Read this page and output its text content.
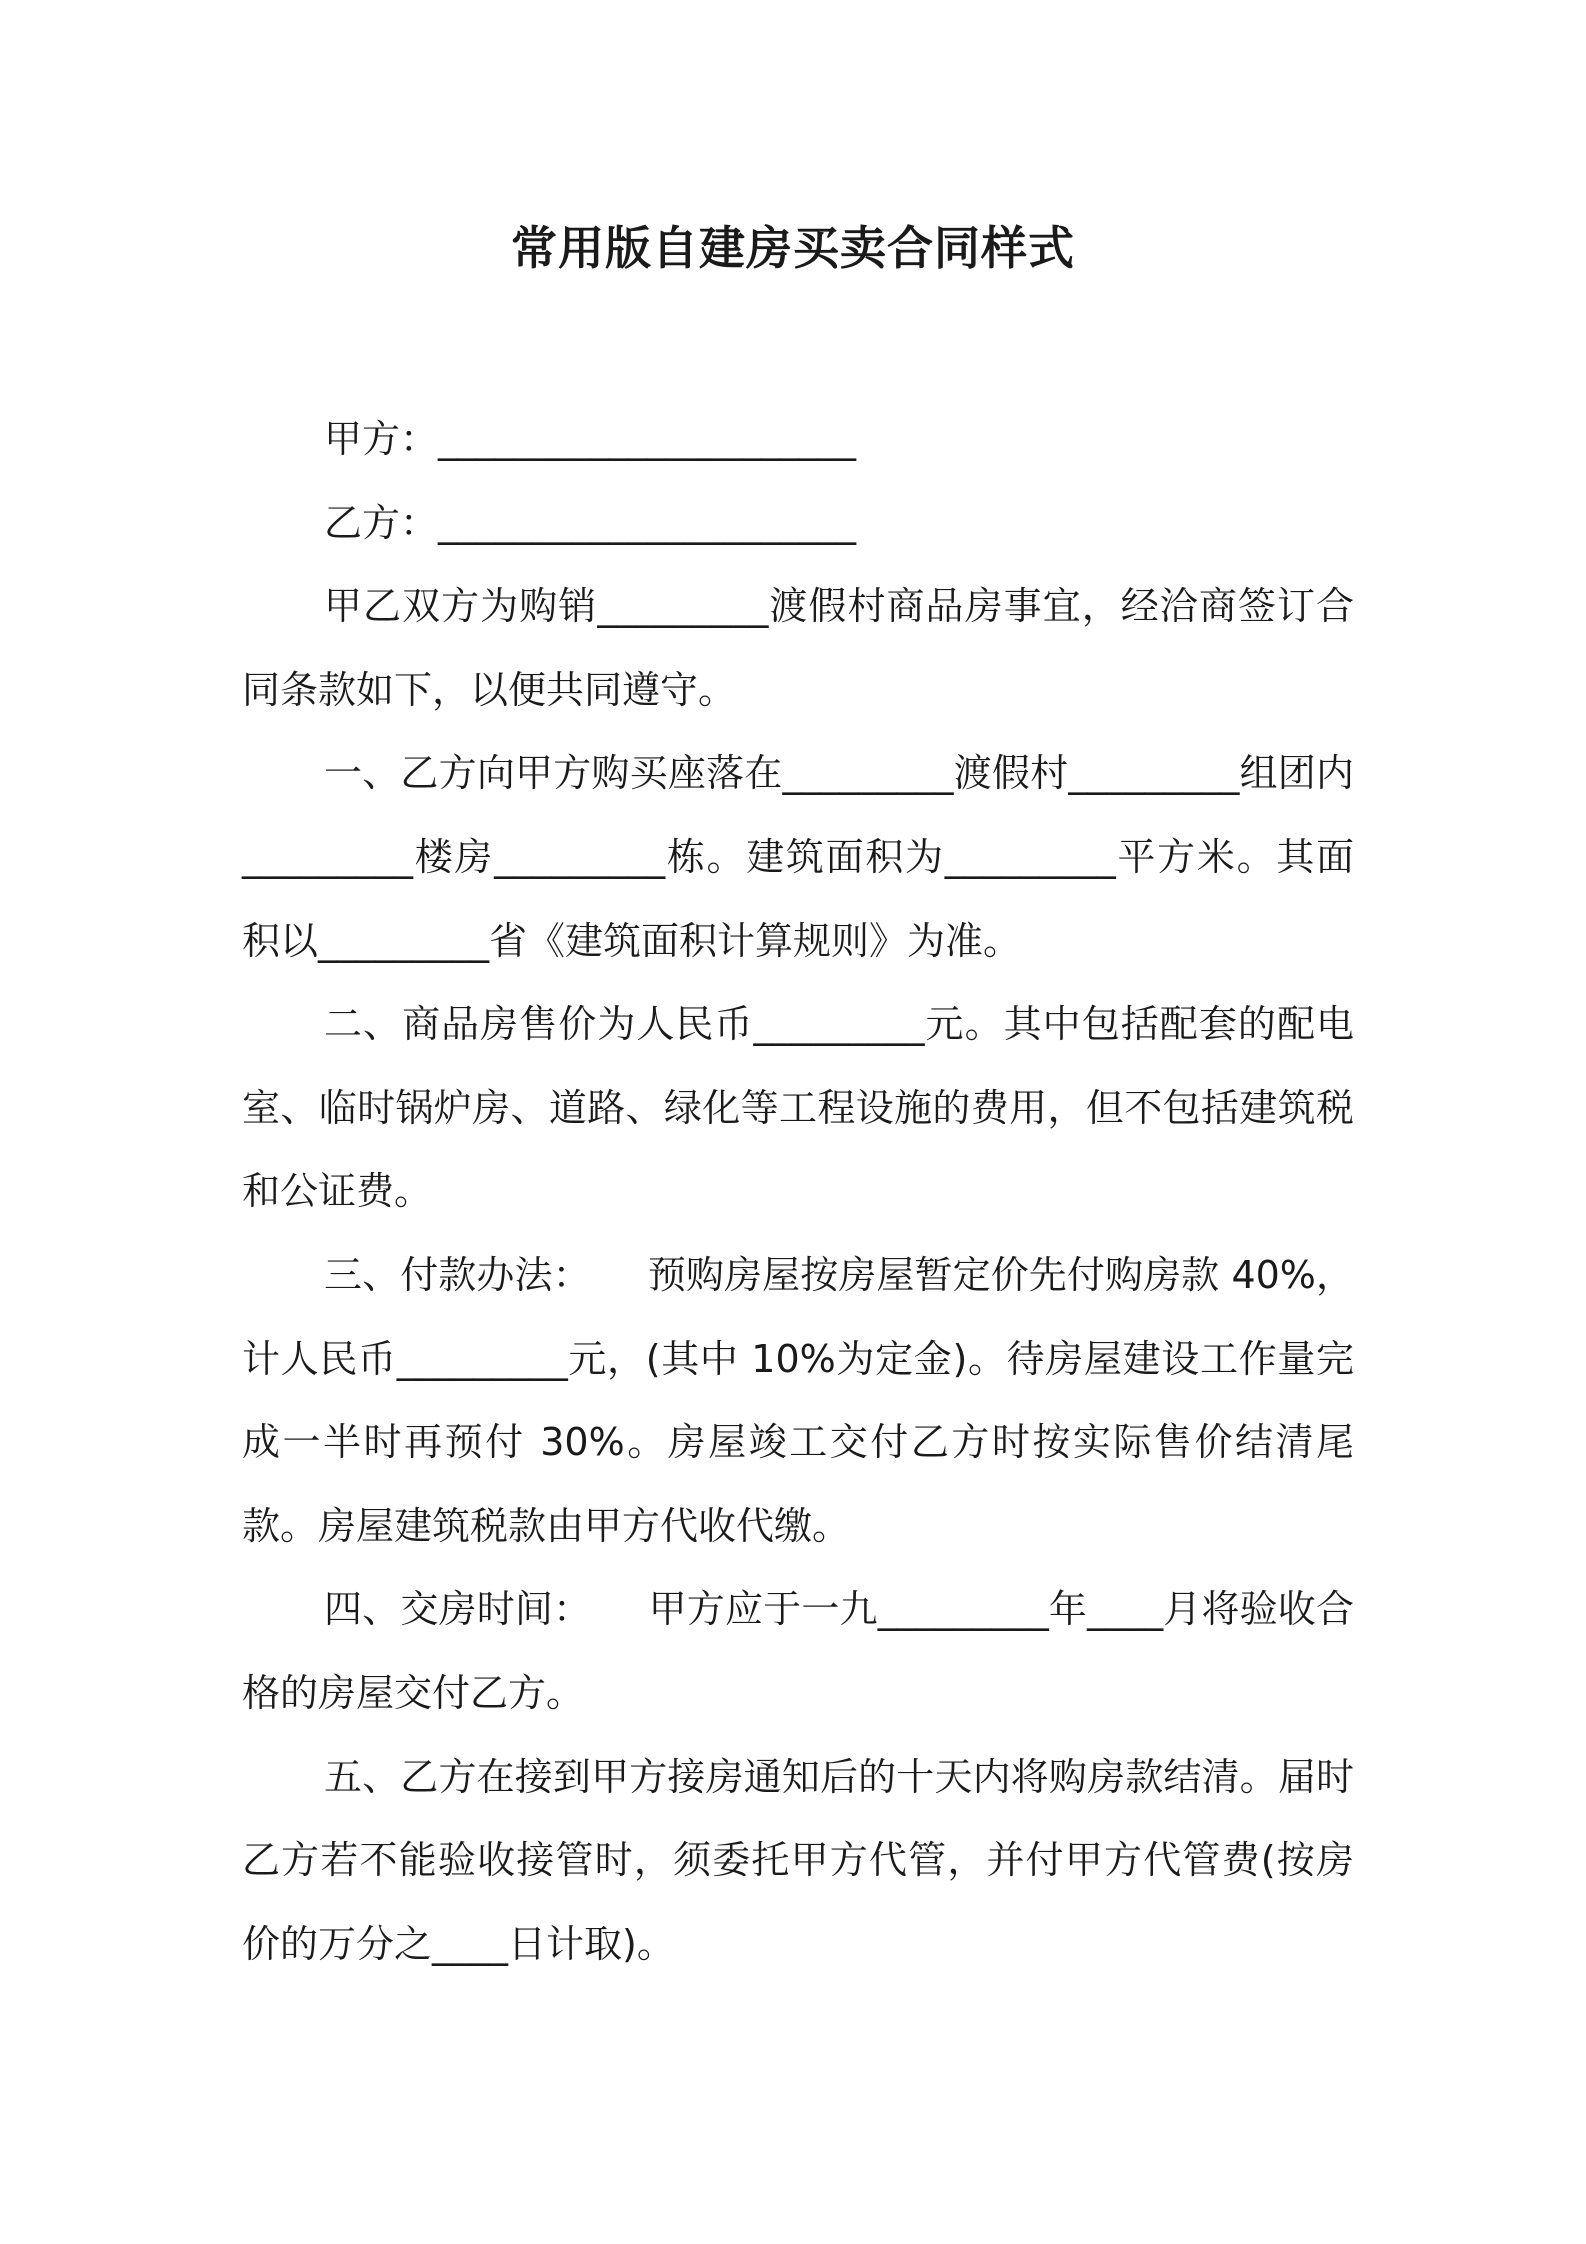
常用版自建房买卖合同样式
甲方：______________________
乙方：______________________
甲乙双方为购销_________渡假村商品房事宜，经洽商签订合同条款如下，以便共同遵守。
一、乙方向甲方购买座落在_________渡假村_________组团内_________楼房_________栋。建筑面积为_________平方米。其面积以_________省《建筑面积计算规则》为准。
二、商品房售价为人民币_________元。其中包括配套的配电室、临时锅炉房、道路、绿化等工程设施的费用，但不包括建筑税和公证费。
三、付款办法：　　预购房屋按房屋暂定价先付购房款 40%，计人民币_________元，(其中 10%为定金)。待房屋建设工作量完成一半时再预付 30%。房屋竣工交付乙方时按实际售价结清尾款。房屋建筑税款由甲方代收代缴。
四、交房时间：　　甲方应于一九_________年____月将验收合格的房屋交付乙方。
五、乙方在接到甲方接房通知后的十天内将购房款结清。届时乙方若不能验收接管时，须委托甲方代管，并付甲方代管费(按房价的万分之____日计取)。
